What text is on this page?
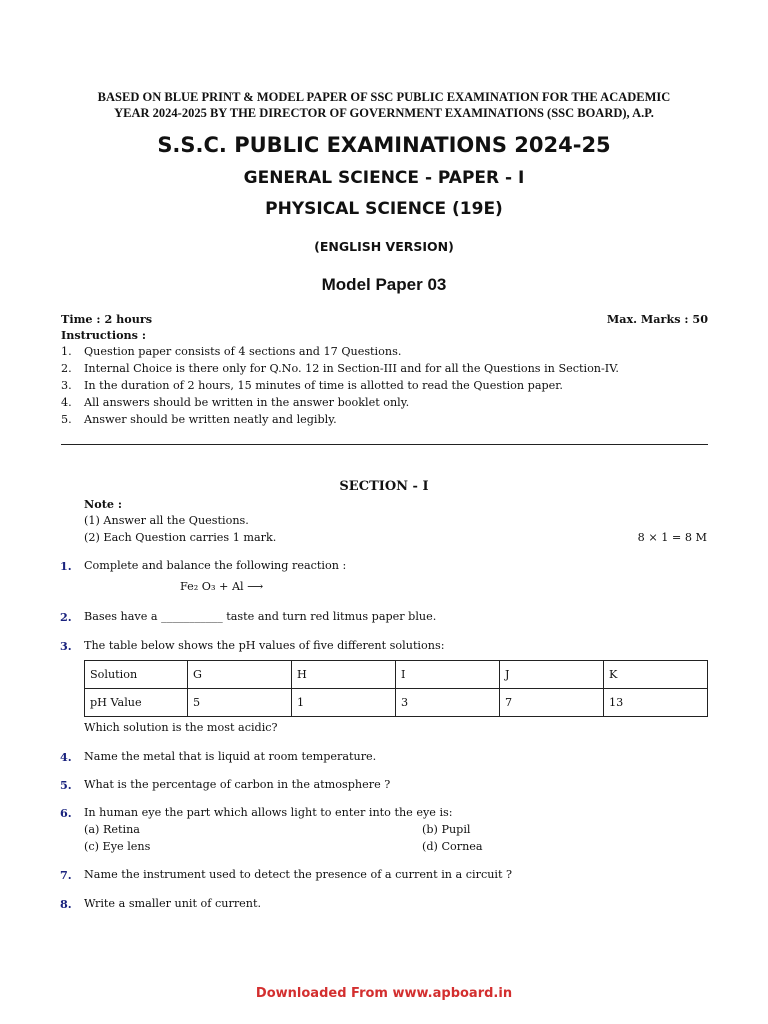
BASED ON BLUE PRINT & MODEL PAPER OF SSC PUBLIC EXAMINATION FOR THE ACADEMIC
YEAR 2024-2025 BY THE DIRECTOR OF GOVERNMENT EXAMINATIONS (SSC BOARD), A.P.
S.S.C. PUBLIC EXAMINATIONS 2024-25
GENERAL SCIENCE - PAPER - I
PHYSICAL SCIENCE (19E)
(ENGLISH VERSION)
Model Paper 03
Time : 2 hours	Max. Marks : 50
Instructions :
1. Question paper consists of 4 sections and 17 Questions.
2. Internal Choice is there only for Q.No. 12 in Section-III and for all the Questions in Section-IV.
3. In the duration of 2 hours, 15 minutes of time is allotted to read the Question paper.
4. All answers should be written in the answer booklet only.
5. Answer should be written neatly and legibly.
SECTION - I
Note :
(1) Answer all the Questions.
(2) Each Question carries 1 mark.	8 × 1 = 8 M
1. Complete and balance the following reaction :
Fe₂ O₃ + Al ⟶
2. Bases have a ___________ taste and turn red litmus paper blue.
3. The table below shows the pH values of five different solutions:
Solution	G	H	I	J	K
pH Value	5	1	3	7	13
Which solution is the most acidic?
4. Name the metal that is liquid at room temperature.
5. What is the percentage of carbon in the atmosphere ?
6. In human eye the part which allows light to enter into the eye is:
(a) Retina	(b) Pupil
(c) Eye lens	(d) Cornea
7. Name the instrument used to detect the presence of a current in a circuit ?
8. Write a smaller unit of current.
Downloaded From www.apboard.in
